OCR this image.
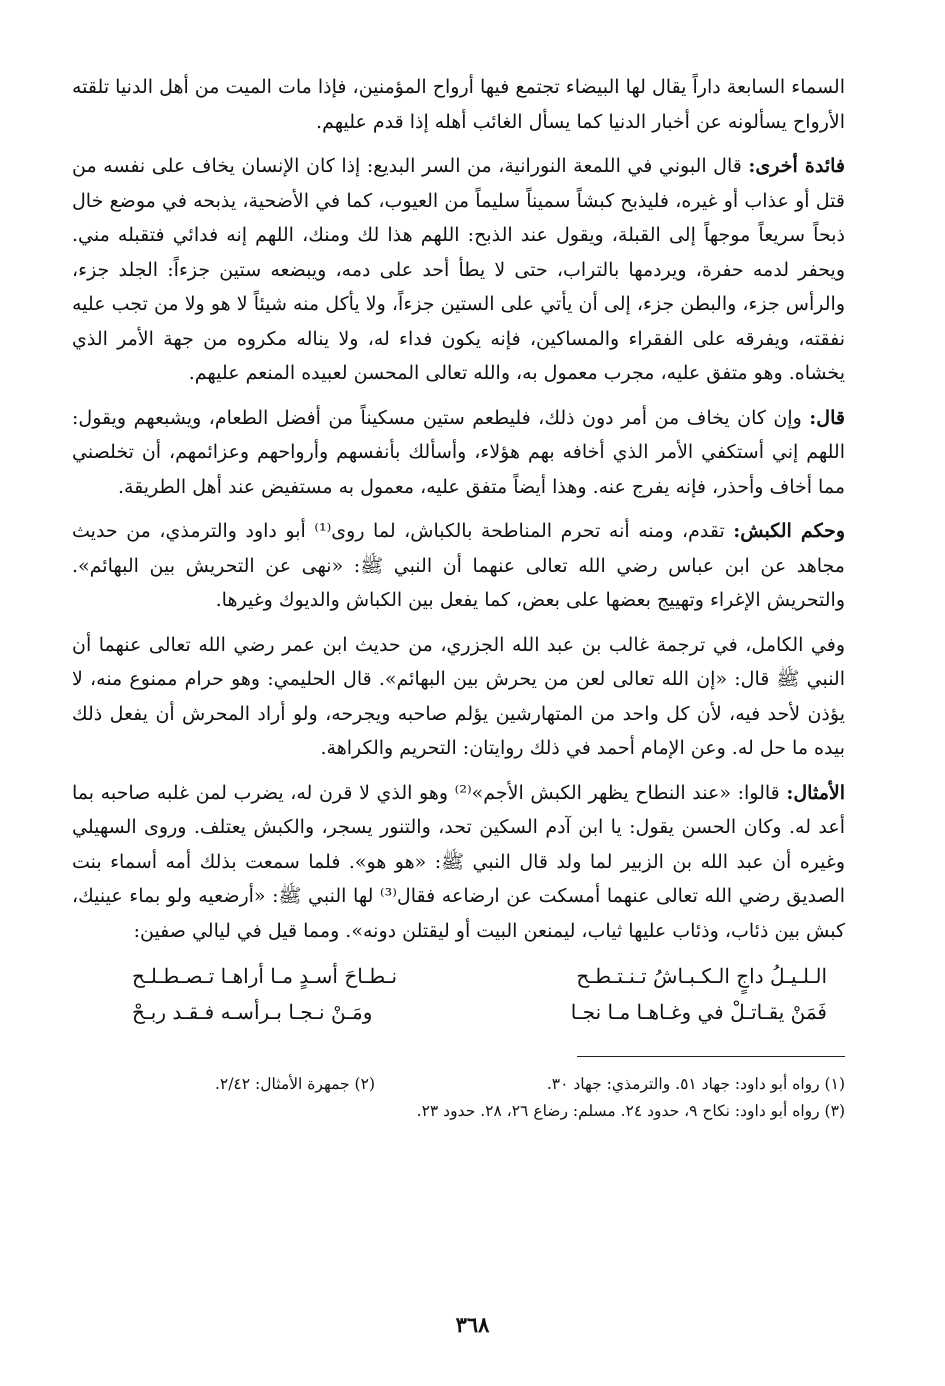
السماء السابعة داراً يقال لها البيضاء تجتمع فيها أرواح المؤمنين، فإذا مات الميت من أهل الدنيا تلقته الأرواح يسألونه عن أخبار الدنيا كما يسأل الغائب أهله إذا قدم عليهم.

فائدة أخرى: قال البوني في اللمعة النورانية، من السر البديع: إذا كان الإنسان يخاف على نفسه من قتل أو عذاب أو غيره، فليذبح كبشاً سميناً سليماً من العيوب، كما في الأضحية، يذبحه في موضع خال ذبحاً سريعاً موجهاً إلى القبلة، ويقول عند الذبح: اللهم هذا لك ومنك، اللهم إنه فدائي فتقبله مني. ويحفر لدمه حفرة، ويردمها بالتراب، حتى لا يطأ أحد على دمه، ويبضعه ستين جزءاً: الجلد جزء، والرأس جزء، والبطن جزء، إلى أن يأتي على الستين جزءاً، ولا يأكل منه شيئاً لا هو ولا من تجب عليه نفقته، ويفرقه على الفقراء والمساكين، فإنه يكون فداء له، ولا يناله مكروه من جهة الأمر الذي يخشاه. وهو متفق عليه، مجرب معمول به، والله تعالى المحسن لعبيده المنعم عليهم.

قال: وإن كان يخاف من أمر دون ذلك، فليطعم ستين مسكيناً من أفضل الطعام، ويشبعهم ويقول: اللهم إني أستكفي الأمر الذي أخافه بهم هؤلاء، وأسألك بأنفسهم وأرواحهم وعزائمهم، أن تخلصني مما أخاف وأحذر، فإنه يفرج عنه. وهذا أيضاً متفق عليه، معمول به مستفيض عند أهل الطريقة.

وحكم الكبش: تقدم، ومنه أنه تحرم المناطحة بالكباش، لما روى⁽¹⁾ أبو داود والترمذي، من حديث مجاهد عن ابن عباس رضي الله تعالى عنهما أن النبي ﷺ: «نهى عن التحريش بين البهائم». والتحريش الإغراء وتهييج بعضها على بعض، كما يفعل بين الكباش والديوك وغيرها.

وفي الكامل، في ترجمة غالب بن عبد الله الجزري، من حديث ابن عمر رضي الله تعالى عنهما أن النبي ﷺ قال: «إن الله تعالى لعن من يحرش بين البهائم». قال الحليمي: وهو حرام ممنوع منه، لا يؤذن لأحد فيه، لأن كل واحد من المتهارشين يؤلم صاحبه ويجرحه، ولو أراد المحرش أن يفعل ذلك بيده ما حل له. وعن الإمام أحمد في ذلك روايتان: التحريم والكراهة.

الأمثال: قالوا: «عند النطاح يظهر الكبش الأجم»⁽²⁾ وهو الذي لا قرن له، يضرب لمن غلبه صاحبه بما أعد له. وكان الحسن يقول: يا ابن آدم السكين تحد، والتنور يسجر، والكبش يعتلف. وروى السهيلي وغيره أن عبد الله بن الزبير لما ولد قال النبي ﷺ: «هو هو». فلما سمعت بذلك أمه أسماء بنت الصديق رضي الله تعالى عنهما أمسكت عن ارضاعه فقال⁽³⁾ لها النبي ﷺ: «أرضعيه ولو بماء عينيك، كبش بين ذئاب، وذئاب عليها ثياب، ليمنعن البيت أو ليقتلن دونه». ومما قيل في ليالي صفين:

الـلـيـلُ داجٍ الـكـبـاشُ تـنـتـطـح
نـطـاحَ أسـدٍ مـا أراهـا تـصـطـلـح
فَمَنْ يقـاتـلْ في وغـاهـا مـا نجـا
ومَـنْ نـجـا بـرأسـه فـقـد ربـحْ
(١) رواه أبو داود: جهاد ٥١. والترمذي: جهاد ٣٠.
(٢) جمهرة الأمثال: ٢/٤٢.
(٣) رواه أبو داود: نكاح ٩، حدود ٢٤. مسلم: رضاع ٢٦، ٢٨. حدود ٢٣.
٣٦٨
